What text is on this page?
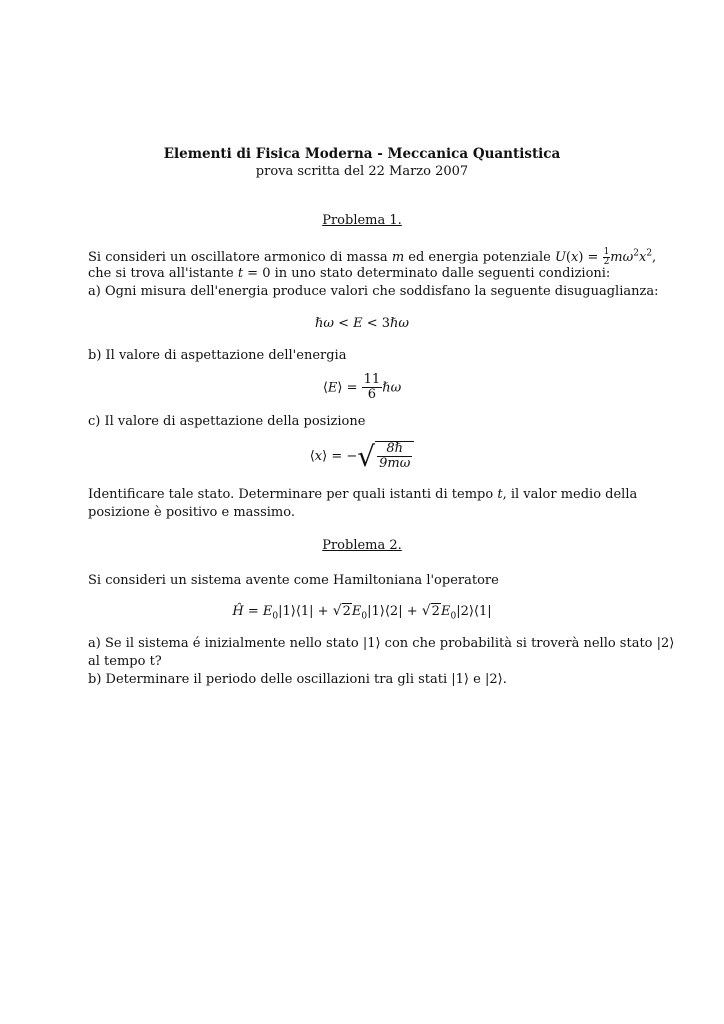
Elementi di Fisica Moderna - Meccanica Quantistica
prova scritta del 22 Marzo 2007
Problema 1.
Si consideri un oscillatore armonico di massa m ed energia potenziale $U(x) = \frac{1}{2} m\omega^2x^2$,
che si trova all'istante t = 0 in uno stato determinato dalle seguenti condizioni:
a) Ogni misura dell'energia produce valori che soddisfano la seguente disuguaglianza:
ℏω < E < 3ℏω
b) Il valore di aspettazione dell'energia
⟨E⟩ = $\frac{11}{6}$ ℏω
c) Il valore di aspettazione della posizione
⟨x⟩ = −√ $\frac{\text{8ℏ}}{9m\omega}$
Identificare tale stato. Determinare per quali istanti di tempo t, il valor medio della
posizione è positivo e massimo.
Problema 2.
Si consideri un sistema avente come Hamiltoniana l'operatore
Ĥ = $E_0|1⟩⟨1|$ + $√2E_0|1⟩⟨2|$ + $√2E_0|2⟩⟨1|$
a) Se il sistema é inizialmente nello stato |1⟩ con che probabilità si troverà nello stato |2⟩
al tempo t?
b) Determinare il periodo delle oscillazioni tra gli stati |1⟩ e |2⟩.
